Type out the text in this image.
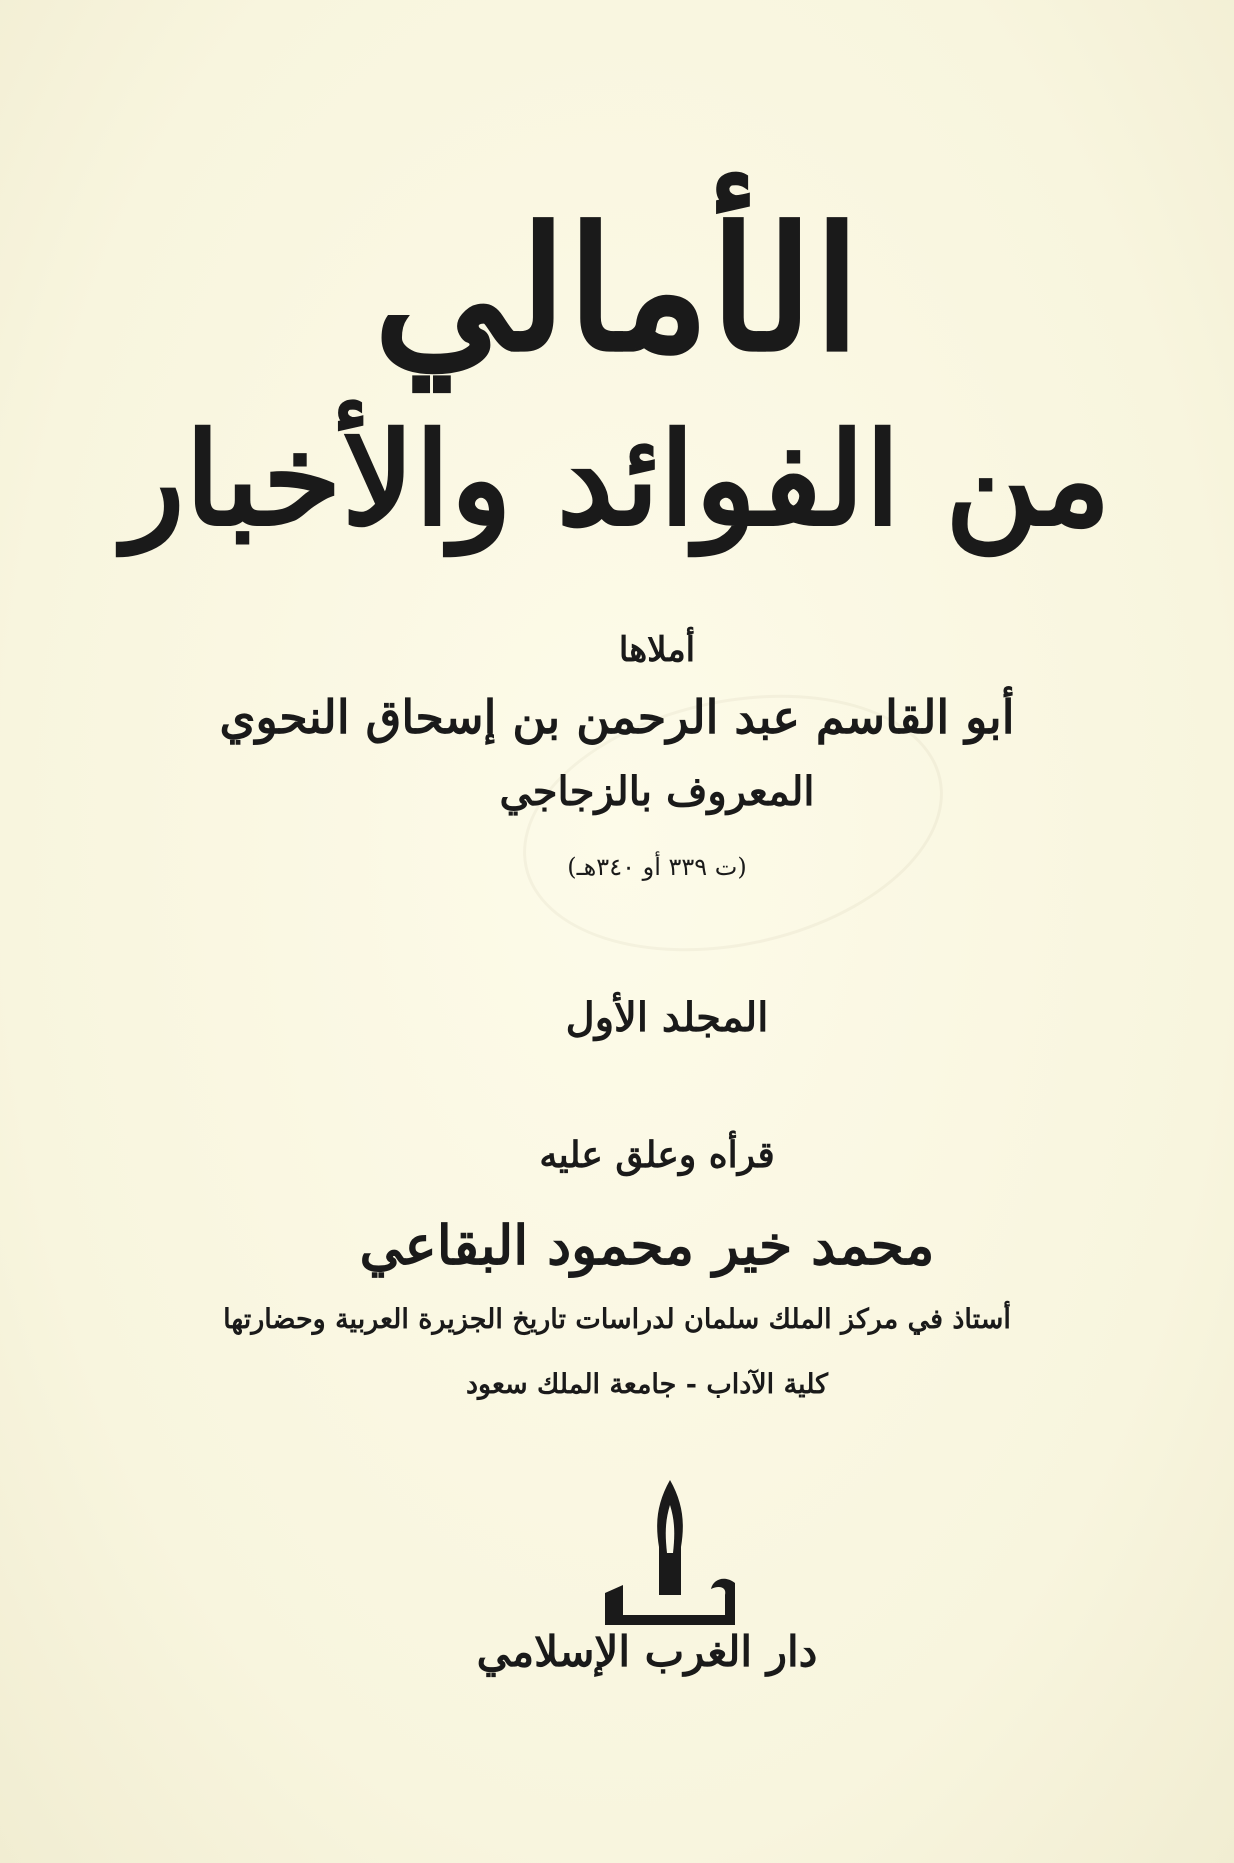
الأمالي
من الفوائد والأخبار
أملاها
أبو القاسم عبد الرحمن بن إسحاق النحوي
المعروف بالزجاجي
(ت ٣٣٩ أو ٣٤٠هـ)
المجلد الأول
قرأه وعلق عليه
محمد خير محمود البقاعي
أستاذ في مركز الملك سلمان لدراسات تاريخ الجزيرة العربية وحضارتها
كلية الآداب - جامعة الملك سعود
دار الغرب الإسلامي
